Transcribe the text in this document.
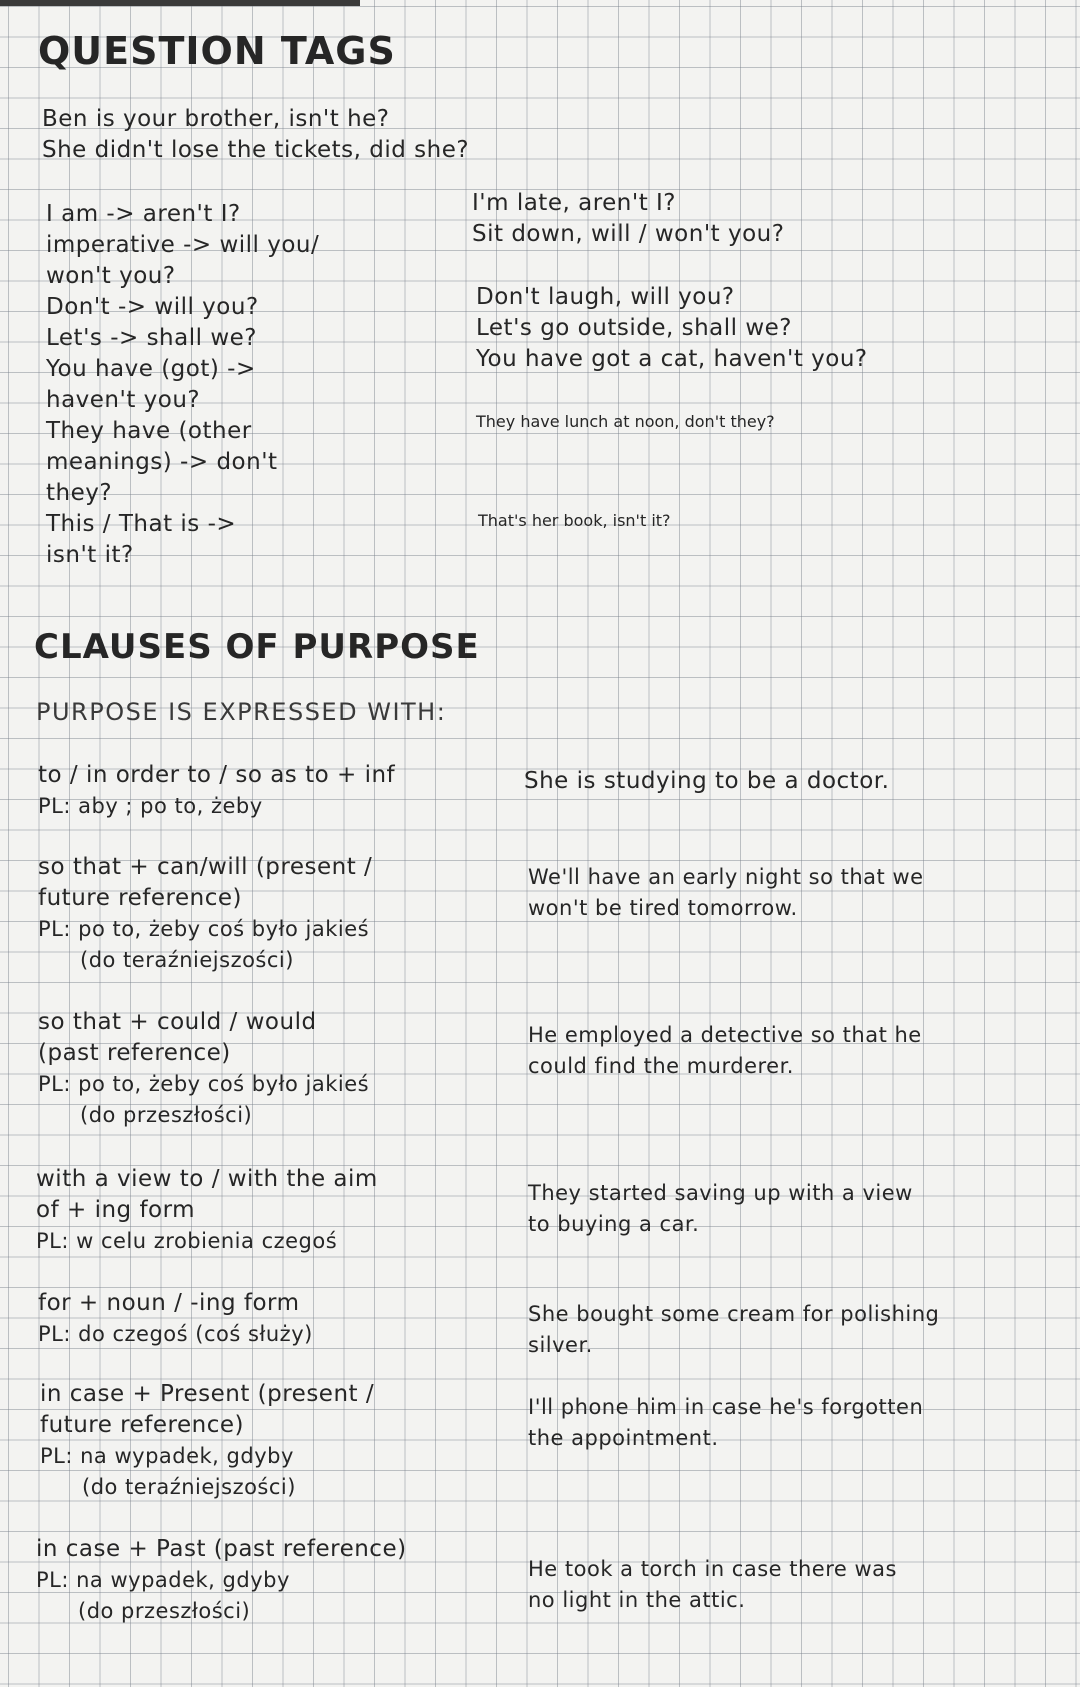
QUESTION TAGS
Ben is your brother, isn't he?
She didn't lose the tickets, did she?
I am -> aren't I?
imperative -> will you/
won't you?
Don't -> will you?
Let's -> shall we?
You have (got) ->
haven't you?
They have (other
meanings) -> don't
they?
This / That is ->
isn't it?
I'm late, aren't I?
Sit down, will / won't you?
Don't laugh, will you?
Let's go outside, shall we?
You have got a cat, haven't you?
They have lunch at noon, don't they?
That's her book, isn't it?
CLAUSES OF PURPOSE
PURPOSE IS EXPRESSED WITH:
to / in order to / so as to + inf
PL: aby ; po to, żeby
She is studying to be a doctor.
so that + can/will (present /
future reference)
PL: po to, żeby coś było jakieś
(do teraźniejszości)
We'll have an early night so that we
won't be tired tomorrow.
so that + could / would
(past reference)
PL: po to, żeby coś było jakieś
(do przeszłości)
He employed a detective so that he
could find the murderer.
with a view to / with the aim
of + ing form
PL: w celu zrobienia czegoś
They started saving up with a view
to buying a car.
for + noun / -ing form
PL: do czegoś (coś służy)
She bought some cream for polishing
silver.
in case + Present (present /
future reference)
PL: na wypadek, gdyby
(do teraźniejszości)
I'll phone him in case he's forgotten
the appointment.
in case + Past (past reference)
PL: na wypadek, gdyby
(do przeszłości)
He took a torch in case there was
no light in the attic.
